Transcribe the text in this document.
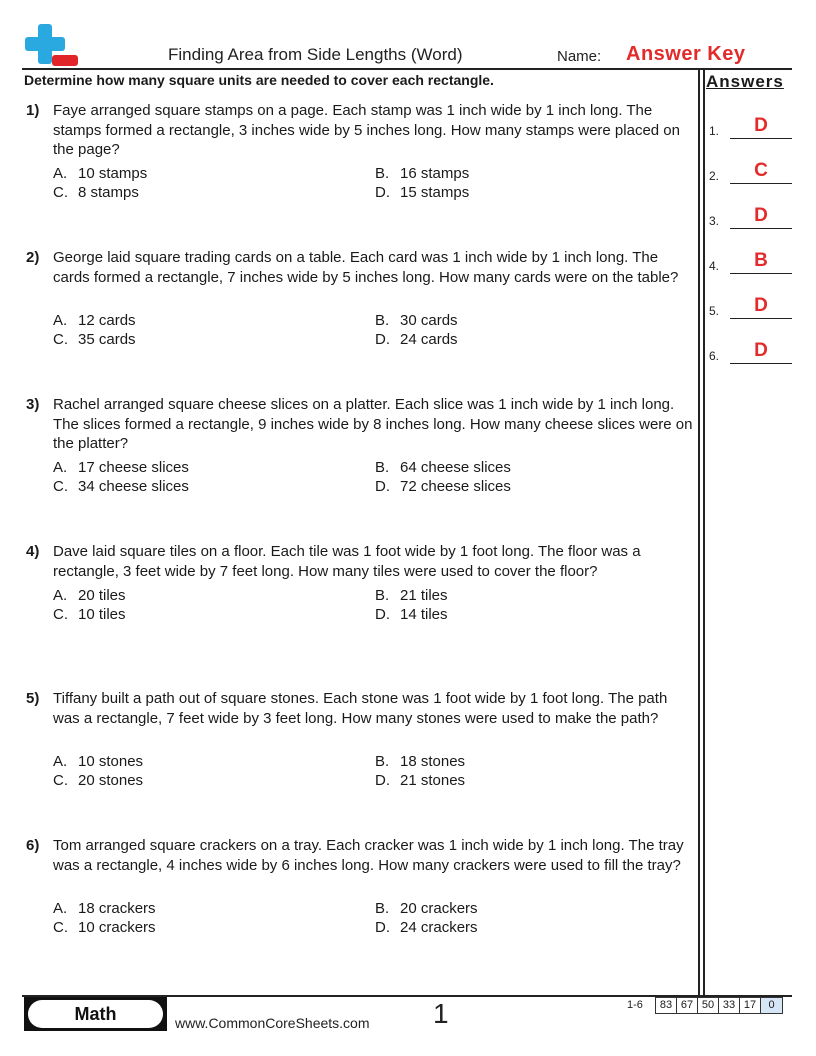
Finding Area from Side Lengths (Word)	Name: Answer Key
Determine how many square units are needed to cover each rectangle.	Answers
1) Faye arranged square stamps on a page. Each stamp was 1 inch wide by 1 inch long. The stamps formed a rectangle, 3 inches wide by 5 inches long. How many stamps were placed on the page?
A. 10 stamps	B. 16 stamps
C. 8 stamps	D. 15 stamps
2) George laid square trading cards on a table. Each card was 1 inch wide by 1 inch long. The cards formed a rectangle, 7 inches wide by 5 inches long. How many cards were on the table?
A. 12 cards	B. 30 cards
C. 35 cards	D. 24 cards
3) Rachel arranged square cheese slices on a platter. Each slice was 1 inch wide by 1 inch long. The slices formed a rectangle, 9 inches wide by 8 inches long. How many cheese slices were on the platter?
A. 17 cheese slices	B. 64 cheese slices
C. 34 cheese slices	D. 72 cheese slices
4) Dave laid square tiles on a floor. Each tile was 1 foot wide by 1 foot long. The floor was a rectangle, 3 feet wide by 7 feet long. How many tiles were used to cover the floor?
A. 20 tiles	B. 21 tiles
C. 10 tiles	D. 14 tiles
5) Tiffany built a path out of square stones. Each stone was 1 foot wide by 1 foot long. The path was a rectangle, 7 feet wide by 3 feet long. How many stones were used to make the path?
A. 10 stones	B. 18 stones
C. 20 stones	D. 21 stones
6) Tom arranged square crackers on a tray. Each cracker was 1 inch wide by 1 inch long. The tray was a rectangle, 4 inches wide by 6 inches long. How many crackers were used to fill the tray?
A. 18 crackers	B. 20 crackers
C. 10 crackers	D. 24 crackers
1.	D
2.	C
3.	D
4.	B
5.	D
6.	D
Math	www.CommonCoreSheets.com 1	1-6	83 67 50 33 17	0
